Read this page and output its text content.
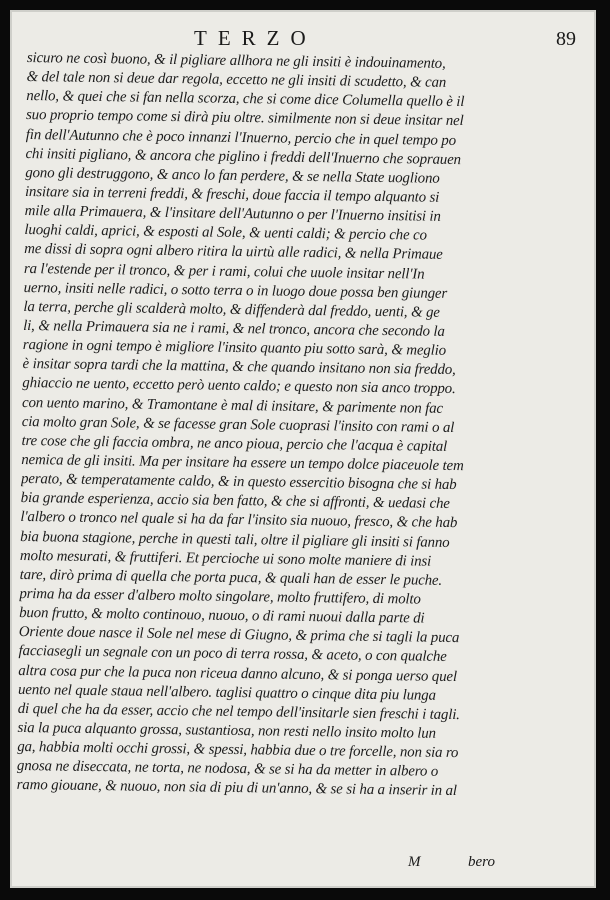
TERZO	89
sicuro ne così buono, & il pigliare allhora ne gli insiti è indouinamento,
& del tale non si deue dar regola, eccetto ne gli insiti di scudetto, & can
nello, & quei che si fan nella scorza, che si come dice Columella quello è il
suo proprio tempo come si dirà piu oltre. similmente non si deue insitar nel
fin dell'Autunno che è poco innanzi l'Inuerno, percio che in quel tempo po
chi insiti pigliano, & ancora che piglino i freddi dell'Inuerno che soprauen
gono gli destruggono, & anco lo fan perdere, & se nella State uogliono
insitare sia in terreni freddi, & freschi, doue faccia il tempo alquanto si
mile alla Primauera, & l'insitare dell'Autunno o per l'Inuerno insitisi in
luoghi caldi, aprici, & esposti al Sole, & uenti caldi; & percio che co
me dissi di sopra ogni albero ritira la uirtù alle radici, & nella Primaue
ra l'estende per il tronco, & per i rami, colui che uuole insitar nell'In
uerno, insiti nelle radici, o sotto terra o in luogo doue possa ben giunger
la terra, perche gli scalderà molto, & diffenderà dal freddo, uenti, & ge
li, & nella Primauera sia ne i rami, & nel tronco, ancora che secondo la
ragione in ogni tempo è migliore l'insito quanto piu sotto sarà, & meglio
è insitar sopra tardi che la mattina, & che quando insitano non sia freddo,
ghiaccio ne uento, eccetto però uento caldo; e questo non sia anco troppo.
con uento marino, & Tramontane è mal di insitare, & parimente non fac
cia molto gran Sole, & se facesse gran Sole cuoprasi l'insito con rami o al
tre cose che gli faccia ombra, ne anco pioua, percio che l'acqua è capital
nemica de gli insiti. Ma per insitare ha essere un tempo dolce piaceuole tem
perato, & temperatamente caldo, & in questo essercitio bisogna che si hab
bia grande esperienza, accio sia ben fatto, & che si affronti, & uedasi che
l'albero o tronco nel quale si ha da far l'insito sia nuouo, fresco, & che hab
bia buona stagione, perche in questi tali, oltre il pigliare gli insiti si fanno
molto mesurati, & fruttiferi. Et percioche ui sono molte maniere di insi
tare, dirò prima di quella che porta puca, & quali han de esser le puche.
prima ha da esser d'albero molto singolare, molto fruttifero, di molto
buon frutto, & molto continouo, nuouo, o di rami nuoui dalla parte di
Oriente doue nasce il Sole nel mese di Giugno, & prima che si tagli la puca
facciasegli un segnale con un poco di terra rossa, & aceto, o con qualche
altra cosa pur che la puca non riceua danno alcuno, & si ponga uerso quel
uento nel quale staua nell'albero. taglisi quattro o cinque dita piu lunga
di quel che ha da esser, accio che nel tempo dell'insitarle sien freschi i tagli.
sia la puca alquanto grossa, sustantiosa, non resti nello insito molto lun
ga, habbia molti occhi grossi, & spessi, habbia due o tre forcelle, non sia ro
gnosa ne diseccata, ne torta, ne nodosa, & se si ha da metter in albero o
ramo giouane, & nuouo, non sia di piu di un'anno, & se si ha a inserir in al
M	bero
